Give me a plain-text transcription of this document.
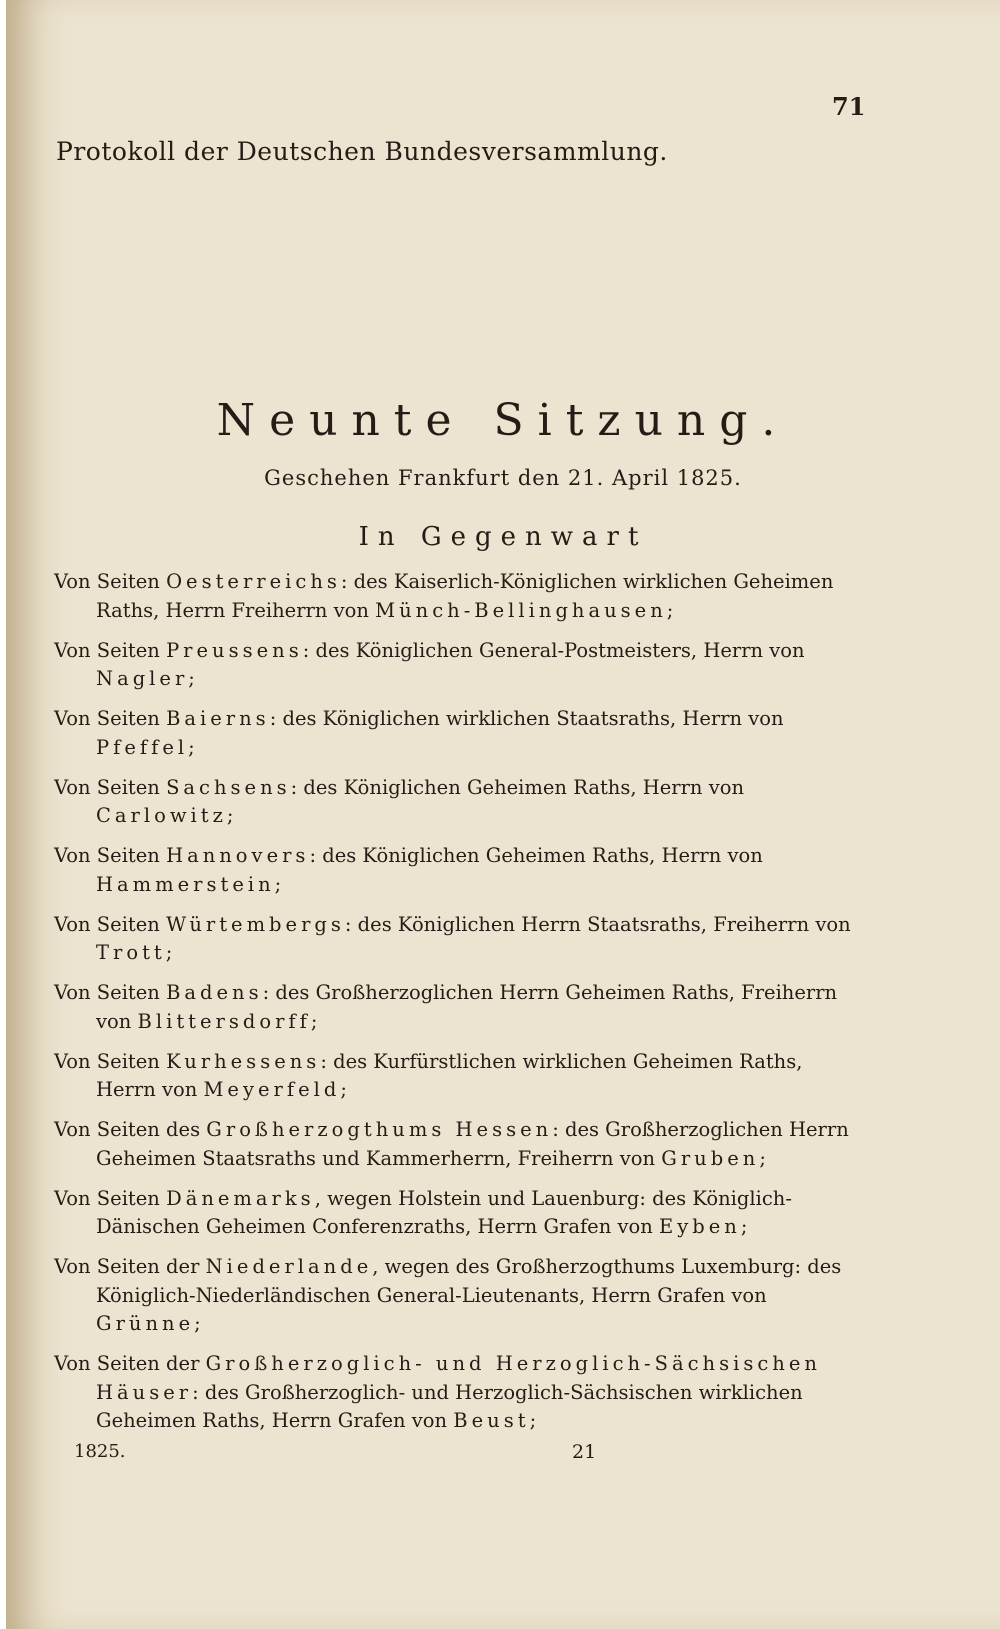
71
Protokoll der Deutschen Bundesversammlung.
Neunte Sitzung.
Geschehen Frankfurt den 21. April 1825.
In Gegenwart
Von Seiten Oesterreichs: des Kaiserlich-Königlichen wirklichen Geheimen Raths, Herrn Freiherrn von Münch-Bellinghausen;
Von Seiten Preussens: des Königlichen General-Postmeisters, Herrn von Nagler;
Von Seiten Baierns: des Königlichen wirklichen Staatsraths, Herrn von Pfeffel;
Von Seiten Sachsens: des Königlichen Geheimen Raths, Herrn von Carlowitz;
Von Seiten Hannovers: des Königlichen Geheimen Raths, Herrn von Hammerstein;
Von Seiten Würtembergs: des Königlichen Herrn Staatsraths, Freiherrn von Trott;
Von Seiten Badens: des Großherzoglichen Herrn Geheimen Raths, Freiherrn von Blittersdorff;
Von Seiten Kurhessens: des Kurfürstlichen wirklichen Geheimen Raths, Herrn von Meyerfeld;
Von Seiten des Großherzogthums Hessen: des Großherzoglichen Herrn Geheimen Staatsraths und Kammerherrn, Freiherrn von Gruben;
Von Seiten Dänemarks, wegen Holstein und Lauenburg: des Königlich-Dänischen Geheimen Conferenzraths, Herrn Grafen von Eyben;
Von Seiten der Niederlande, wegen des Großherzogthums Luxemburg: des Königlich-Niederländischen General-Lieutenants, Herrn Grafen von Grünne;
Von Seiten der Großherzoglich- und Herzoglich-Sächsischen Häuser: des Großherzoglich- und Herzoglich-Sächsischen wirklichen Geheimen Raths, Herrn Grafen von Beust;
1825.	21
